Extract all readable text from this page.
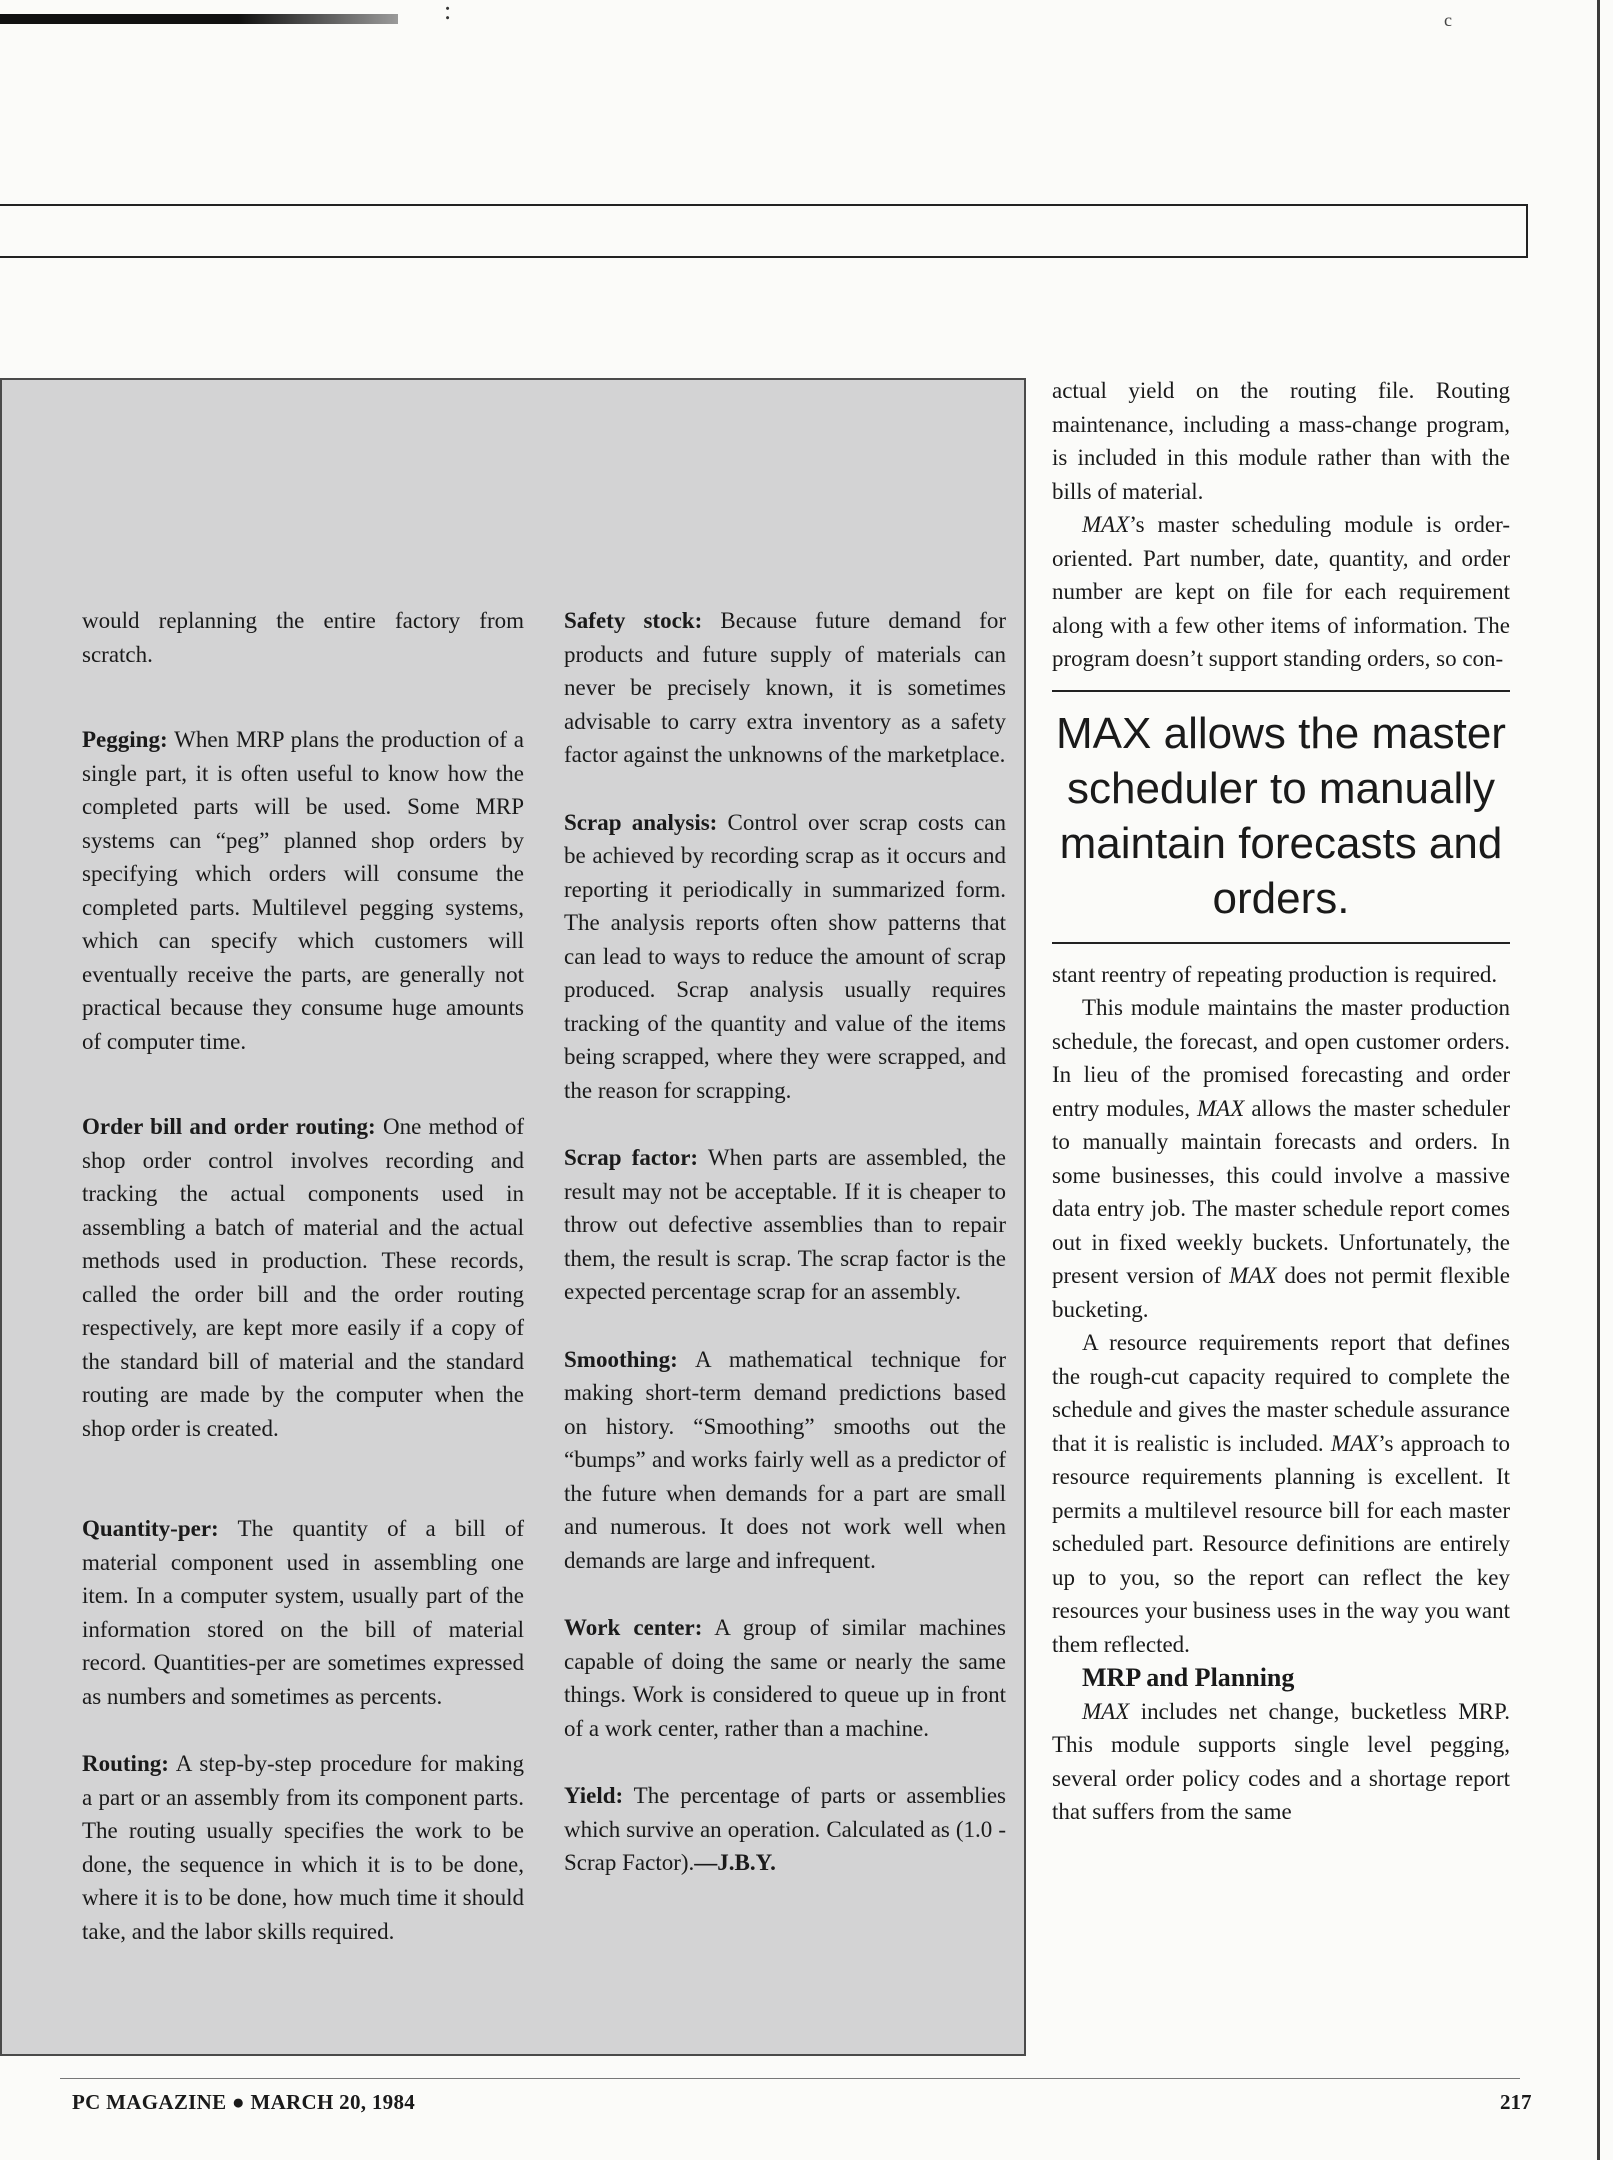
:	c

would replanning the entire factory from scratch.

Pegging: When MRP plans the production of a single part, it is often useful to know how the completed parts will be used. Some MRP systems can “peg” planned shop orders by specifying which orders will consume the completed parts. Multilevel pegging systems, which can specify which customers will eventually receive the parts, are generally not practical because they consume huge amounts of computer time.

Order bill and order routing: One method of shop order control involves recording and tracking the actual components used in assembling a batch of material and the actual methods used in production. These records, called the order bill and the order routing respectively, are kept more easily if a copy of the standard bill of material and the standard routing are made by the computer when the shop order is created.

Quantity-per: The quantity of a bill of material component used in assembling one item. In a computer system, usually part of the information stored on the bill of material record. Quantities-per are sometimes expressed as numbers and sometimes as percents.

Routing: A step-by-step procedure for making a part or an assembly from its component parts. The routing usually specifies the work to be done, the sequence in which it is to be done, where it is to be done, how much time it should take, and the labor skills required.

Safety stock: Because future demand for products and future supply of materials can never be precisely known, it is sometimes advisable to carry extra inventory as a safety factor against the unknowns of the marketplace.

Scrap analysis: Control over scrap costs can be achieved by recording scrap as it occurs and reporting it periodically in summarized form. The analysis reports often show patterns that can lead to ways to reduce the amount of scrap produced. Scrap analysis usually requires tracking of the quantity and value of the items being scrapped, where they were scrapped, and the reason for scrapping.

Scrap factor: When parts are assembled, the result may not be acceptable. If it is cheaper to throw out defective assemblies than to repair them, the result is scrap. The scrap factor is the expected percentage scrap for an assembly.

Smoothing: A mathematical technique for making short-term demand predictions based on history. “Smoothing” smooths out the “bumps” and works fairly well as a predictor of the future when demands for a part are small and numerous. It does not work well when demands are large and infrequent.

Work center: A group of similar machines capable of doing the same or nearly the same things. Work is considered to queue up in front of a work center, rather than a machine.

Yield: The percentage of parts or assemblies which survive an operation. Calculated as (1.0 - Scrap Factor).—J.B.Y.

actual yield on the routing file. Routing maintenance, including a mass-change program, is included in this module rather than with the bills of material.

MAX’s master scheduling module is order-oriented. Part number, date, quantity, and order number are kept on file for each requirement along with a few other items of information. The program doesn’t support standing orders, so con-

MAX allows the master scheduler to manually maintain forecasts and orders.

stant reentry of repeating production is required.

This module maintains the master production schedule, the forecast, and open customer orders. In lieu of the promised forecasting and order entry modules, MAX allows the master scheduler to manually maintain forecasts and orders. In some businesses, this could involve a massive data entry job. The master schedule report comes out in fixed weekly buckets. Unfortunately, the present version of MAX does not permit flexible bucketing.

A resource requirements report that defines the rough-cut capacity required to complete the schedule and gives the master schedule assurance that it is realistic is included. MAX’s approach to resource requirements planning is excellent. It permits a multilevel resource bill for each master scheduled part. Resource definitions are entirely up to you, so the report can reflect the key resources your business uses in the way you want them reflected.

MRP and Planning

MAX includes net change, bucketless MRP. This module supports single level pegging, several order policy codes and a shortage report that suffers from the same

PC MAGAZINE ● MARCH 20, 1984	217
